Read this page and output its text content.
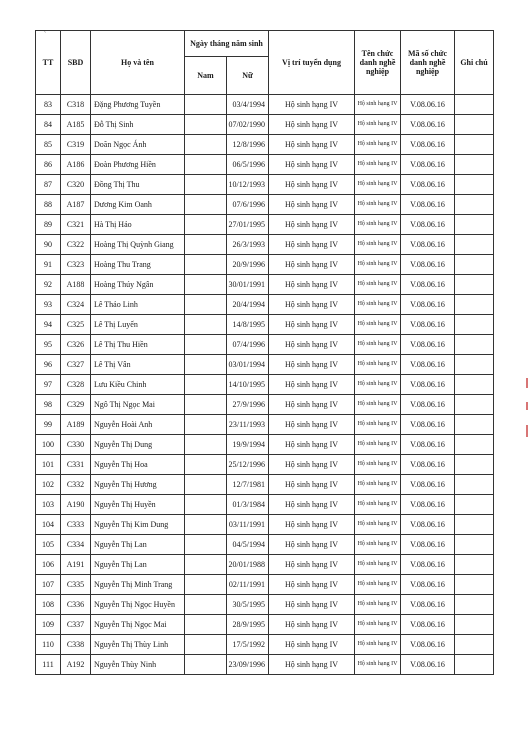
`
TT	SBD	Họ và tên	Ngày tháng năm sinh		Vị trí tuyển dụng	Tên chức danh nghề nghiệp	Mã số chức danh nghề nghiệp	Ghi chú
			Nam	Nữ				
83	C318	Đặng Phương Tuyền		03/4/1994	Hộ sinh hạng IV	Hộ sinh hạng IV	V.08.06.16	
84	A185	Đỗ Thị Sinh		07/02/1990	Hộ sinh hạng IV	Hộ sinh hạng IV	V.08.06.16	
85	C319	Doãn Ngọc Ánh		12/8/1996	Hộ sinh hạng IV	Hộ sinh hạng IV	V.08.06.16	
86	A186	Đoàn Phương Hiền		06/5/1996	Hộ sinh hạng IV	Hộ sinh hạng IV	V.08.06.16	
87	C320	Đồng Thị Thu		10/12/1993	Hộ sinh hạng IV	Hộ sinh hạng IV	V.08.06.16	
88	A187	Dương Kim Oanh		07/6/1996	Hộ sinh hạng IV	Hộ sinh hạng IV	V.08.06.16	
89	C321	Hà Thị Hảo		27/01/1995	Hộ sinh hạng IV	Hộ sinh hạng IV	V.08.06.16	
90	C322	Hoàng Thị Quỳnh Giang		26/3/1993	Hộ sinh hạng IV	Hộ sinh hạng IV	V.08.06.16	
91	C323	Hoàng Thu Trang		20/9/1996	Hộ sinh hạng IV	Hộ sinh hạng IV	V.08.06.16	
92	A188	Hoàng Thúy Ngân		30/01/1991	Hộ sinh hạng IV	Hộ sinh hạng IV	V.08.06.16	
93	C324	Lê Thảo Linh		20/4/1994	Hộ sinh hạng IV	Hộ sinh hạng IV	V.08.06.16	
94	C325	Lê Thị Luyến		14/8/1995	Hộ sinh hạng IV	Hộ sinh hạng IV	V.08.06.16	
95	C326	Lê Thị Thu Hiền		07/4/1996	Hộ sinh hạng IV	Hộ sinh hạng IV	V.08.06.16	
96	C327	Lê Thị Vân		03/01/1994	Hộ sinh hạng IV	Hộ sinh hạng IV	V.08.06.16	
97	C328	Lưu Kiều Chinh		14/10/1995	Hộ sinh hạng IV	Hộ sinh hạng IV	V.08.06.16	
98	C329	Ngô Thị Ngọc Mai		27/9/1996	Hộ sinh hạng IV	Hộ sinh hạng IV	V.08.06.16	
99	A189	Nguyễn Hoài Anh		23/11/1993	Hộ sinh hạng IV	Hộ sinh hạng IV	V.08.06.16	
100	C330	Nguyễn Thị Dung		19/9/1994	Hộ sinh hạng IV	Hộ sinh hạng IV	V.08.06.16	
101	C331	Nguyễn Thị Hoa		25/12/1996	Hộ sinh hạng IV	Hộ sinh hạng IV	V.08.06.16	
102	C332	Nguyễn Thị Hương		12/7/1981	Hộ sinh hạng IV	Hộ sinh hạng IV	V.08.06.16	
103	A190	Nguyễn Thị Huyền		01/3/1984	Hộ sinh hạng IV	Hộ sinh hạng IV	V.08.06.16	
104	C333	Nguyễn Thị Kim Dung		03/11/1991	Hộ sinh hạng IV	Hộ sinh hạng IV	V.08.06.16	
105	C334	Nguyễn Thị Lan		04/5/1994	Hộ sinh hạng IV	Hộ sinh hạng IV	V.08.06.16	
106	A191	Nguyễn Thị Lan		20/01/1988	Hộ sinh hạng IV	Hộ sinh hạng IV	V.08.06.16	
107	C335	Nguyễn Thị Minh Trang		02/11/1991	Hộ sinh hạng IV	Hộ sinh hạng IV	V.08.06.16	
108	C336	Nguyễn Thị Ngọc Huyền		30/5/1995	Hộ sinh hạng IV	Hộ sinh hạng IV	V.08.06.16	
109	C337	Nguyễn Thị Ngọc Mai		28/9/1995	Hộ sinh hạng IV	Hộ sinh hạng IV	V.08.06.16	
110	C338	Nguyễn Thị Thùy Linh		17/5/1992	Hộ sinh hạng IV	Hộ sinh hạng IV	V.08.06.16	
111	A192	Nguyễn Thùy Ninh		23/09/1996	Hộ sinh hạng IV	Hộ sinh hạng IV	V.08.06.16	
